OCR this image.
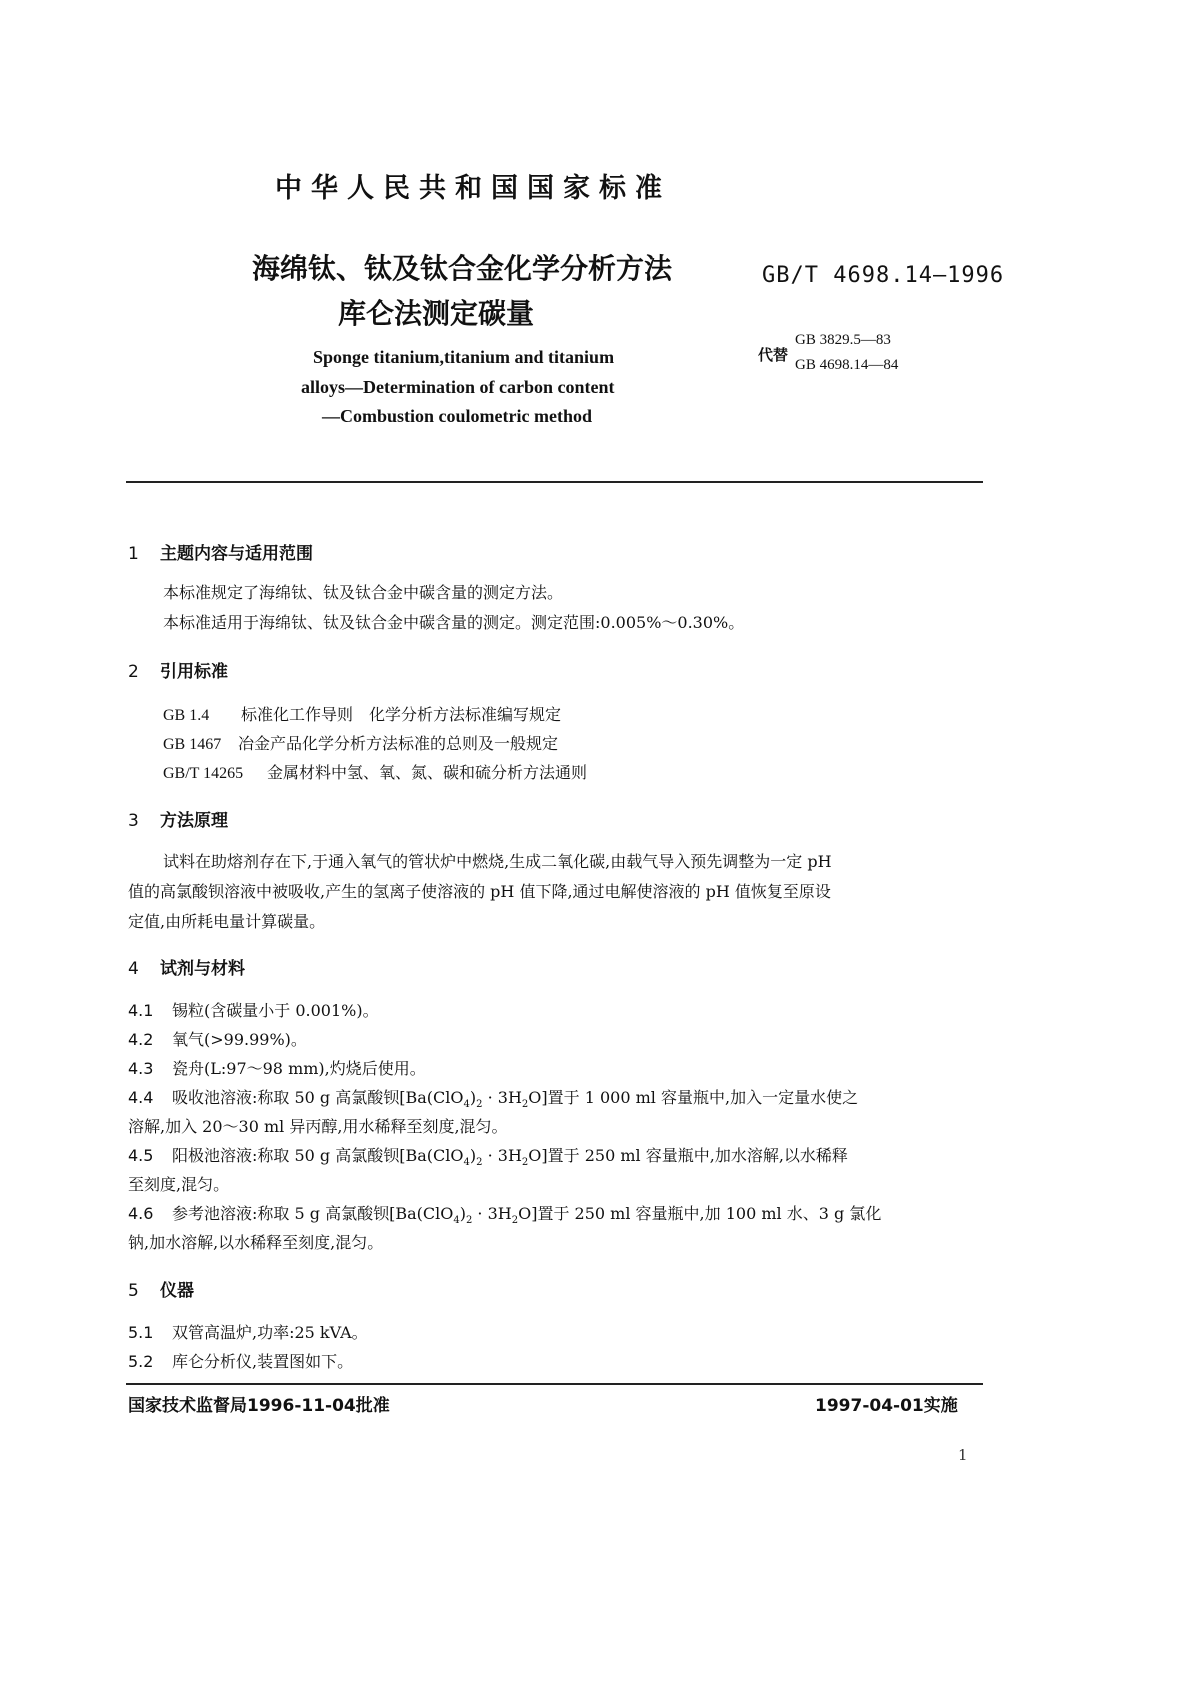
中华人民共和国国家标准
海绵钛、钛及钛合金化学分析方法
库仑法测定碳量
GB/T 4698.14—1996
代替
GB 3829.5—83
GB 4698.14—84
Sponge titanium,titanium and titanium
alloys—Determination of carbon content
—Combustion coulometric method
1 主题内容与适用范围
本标准规定了海绵钛、钛及钛合金中碳含量的测定方法。
本标准适用于海绵钛、钛及钛合金中碳含量的测定。测定范围:0.005%～0.30%。
2 引用标准
GB 1.4 标准化工作导则　化学分析方法标准编写规定
GB 1467 冶金产品化学分析方法标准的总则及一般规定
GB/T 14265 金属材料中氢、氧、氮、碳和硫分析方法通则
3 方法原理
试料在助熔剂存在下,于通入氧气的管状炉中燃烧,生成二氧化碳,由载气导入预先调整为一定 pH
值的高氯酸钡溶液中被吸收,产生的氢离子使溶液的 pH 值下降,通过电解使溶液的 pH 值恢复至原设
定值,由所耗电量计算碳量。
4 试剂与材料
4.1 锡粒(含碳量小于 0.001%)。
4.2 氧气(>99.99%)。
4.3 瓷舟(L:97～98 mm),灼烧后使用。
4.4 吸收池溶液:称取 50 g 高氯酸钡$[Ba(ClO_4)_2 \cdot 3H_2O]$置于 1 000 ml 容量瓶中,加入一定量水使之
溶解,加入 20～30 ml 异丙醇,用水稀释至刻度,混匀。
4.5 阳极池溶液:称取 50 g 高氯酸钡$[Ba(ClO_4)_2 \cdot 3H_2O]$置于 250 ml 容量瓶中,加水溶解,以水稀释
至刻度,混匀。
4.6 参考池溶液:称取 5 g 高氯酸钡$[Ba(ClO_4)_2 \cdot 3H_2O]$置于 250 ml 容量瓶中,加 100 ml 水、3 g 氯化
钠,加水溶解,以水稀释至刻度,混匀。
5 仪器
5.1 双管高温炉,功率:25 kVA。
5.2 库仑分析仪,装置图如下。
国家技术监督局1996-11-04批准	1997-04-01实施
1
